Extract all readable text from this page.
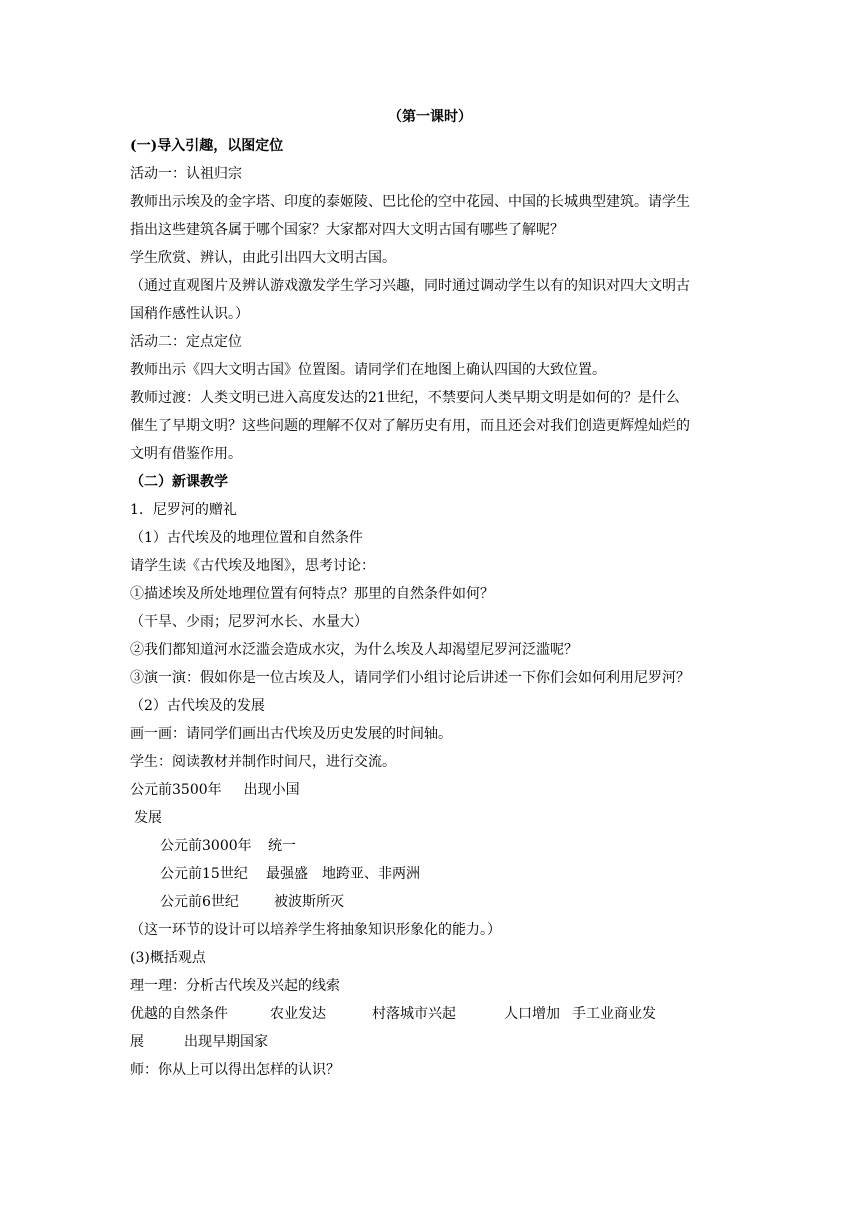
（第一课时）
(一)导入引趣，以图定位
活动一：认祖归宗
教师出示埃及的金字塔、印度的泰姬陵、巴比伦的空中花园、中国的长城典型建筑。请学生
指出这些建筑各属于哪个国家？大家都对四大文明古国有哪些了解呢？
学生欣赏、辨认，由此引出四大文明古国。
（通过直观图片及辨认游戏激发学生学习兴趣，同时通过调动学生以有的知识对四大文明古
国稍作感性认识。）
活动二：定点定位
教师出示《四大文明古国》位置图。请同学们在地图上确认四国的大致位置。
教师过渡：人类文明已进入高度发达的21世纪，不禁要问人类早期文明是如何的？是什么
催生了早期文明？这些问题的理解不仅对了解历史有用，而且还会对我们创造更辉煌灿烂的
文明有借鉴作用。
（二）新课教学
1．尼罗河的赠礼
（1）古代埃及的地理位置和自然条件
请学生读《古代埃及地图》，思考讨论：
①描述埃及所处地理位置有何特点？那里的自然条件如何？
（干旱、少雨；尼罗河水长、水量大）
②我们都知道河水泛滥会造成水灾，为什么埃及人却渴望尼罗河泛滥呢？
③演一演：假如你是一位古埃及人，请同学们小组讨论后讲述一下你们会如何利用尼罗河？
（2）古代埃及的发展
画一画：请同学们画出古代埃及历史发展的时间轴。
学生：阅读教材并制作时间尺，进行交流。
公元前3500年 出现小国
发展
公元前3000年 统一
公元前15世纪 最强盛　地跨亚、非两洲
公元前6世纪	被波斯所灭
（这一环节的设计可以培养学生将抽象知识形象化的能力。）
(3)概括观点
理一理：分析古代埃及兴起的线索
优越的自然条件	农业发达	村落城市兴起	人口增加 手工业商业发
展	出现早期国家
师：你从上可以得出怎样的认识？
